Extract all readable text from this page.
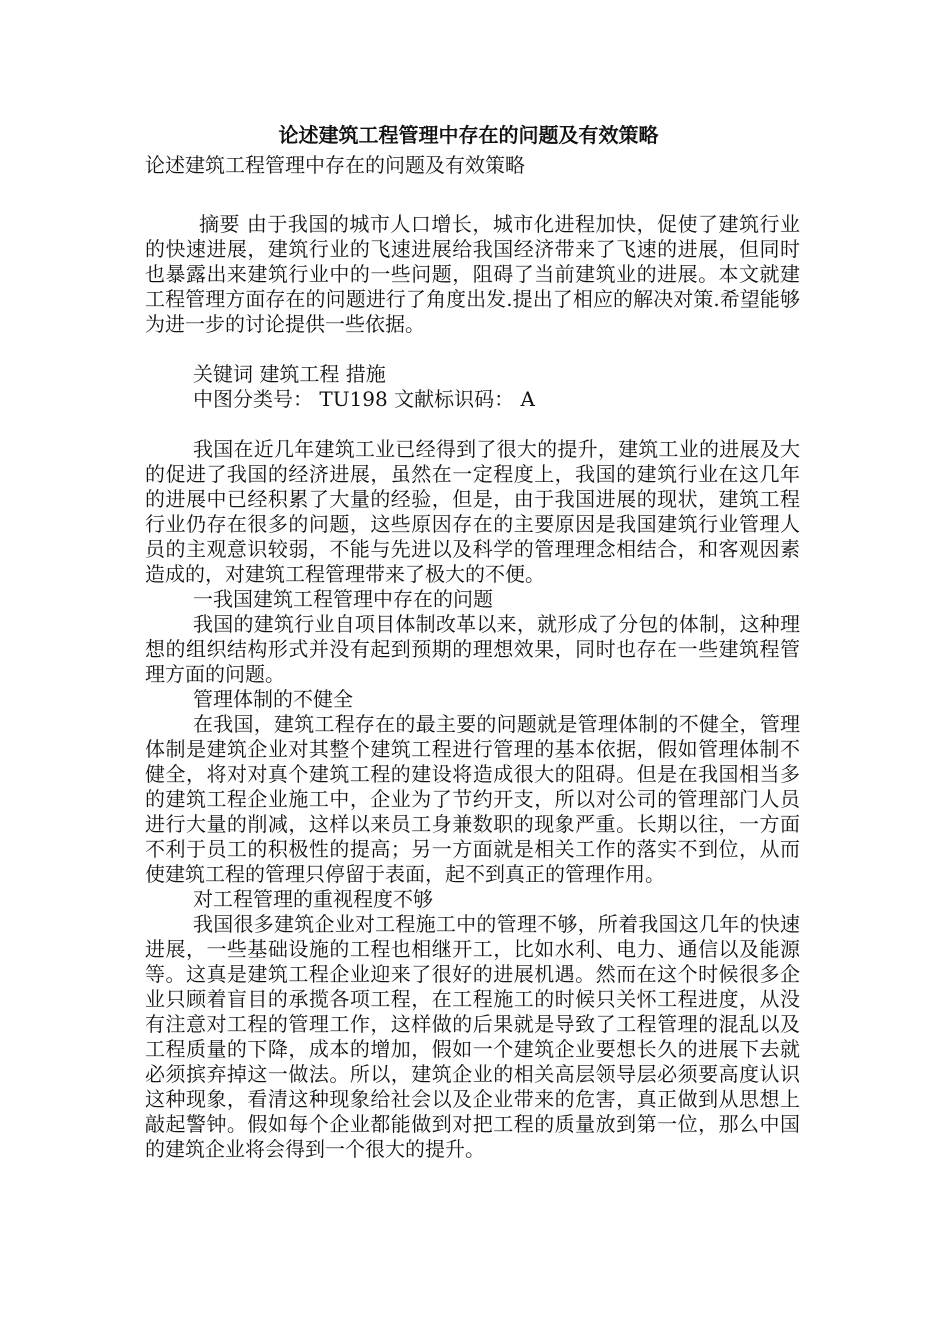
论述建筑工程管理中存在的问题及有效策略

论述建筑工程管理中存在的问题及有效策略

摘要 由于我国的城市人口增长，城市化进程加快，促使了建筑行业的快速进展，建筑行业的飞速进展给我国经济带来了飞速的进展，但同时也暴露出来建筑行业中的一些问题，阻碍了当前建筑业的进展。本文就建工程管理方面存在的问题进行了角度出发.提出了相应的解决对策.希望能够为进一步的讨论提供一些依据。

关键词 建筑工程 措施

中图分类号： TU198 文献标识码： A

我国在近几年建筑工业已经得到了很大的提升，建筑工业的进展及大的促进了我国的经济进展，虽然在一定程度上，我国的建筑行业在这几年的进展中已经积累了大量的经验，但是，由于我国进展的现状，建筑工程行业仍存在很多的问题，这些原因存在的主要原因是我国建筑行业管理人员的主观意识较弱，不能与先进以及科学的管理理念相结合，和客观因素造成的，对建筑工程管理带来了极大的不便。

一我国建筑工程管理中存在的问题

我国的建筑行业自项目体制改革以来，就形成了分包的体制，这种理想的组织结构形式并没有起到预期的理想效果，同时也存在一些建筑程管理方面的问题。

管理体制的不健全

在我国，建筑工程存在的最主要的问题就是管理体制的不健全，管理体制是建筑企业对其整个建筑工程进行管理的基本依据，假如管理体制不健全，将对对真个建筑工程的建设将造成很大的阻碍。但是在我国相当多的建筑工程企业施工中，企业为了节约开支，所以对公司的管理部门人员进行大量的削减，这样以来员工身兼数职的现象严重。长期以往，一方面不利于员工的积极性的提高；另一方面就是相关工作的落实不到位，从而使建筑工程的管理只停留于表面，起不到真正的管理作用。

对工程管理的重视程度不够

我国很多建筑企业对工程施工中的管理不够，所着我国这几年的快速进展，一些基础设施的工程也相继开工，比如水利、电力、通信以及能源等。这真是建筑工程企业迎来了很好的进展机遇。然而在这个时候很多企业只顾着盲目的承揽各项工程，在工程施工的时候只关怀工程进度，从没有注意对工程的管理工作，这样做的后果就是导致了工程管理的混乱以及工程质量的下降，成本的增加，假如一个建筑企业要想长久的进展下去就必须摈弃掉这一做法。所以，建筑企业的相关高层领导层必须要高度认识这种现象，看清这种现象给社会以及企业带来的危害，真正做到从思想上敲起警钟。假如每个企业都能做到对把工程的质量放到第一位，那么中国的建筑企业将会得到一个很大的提升。
